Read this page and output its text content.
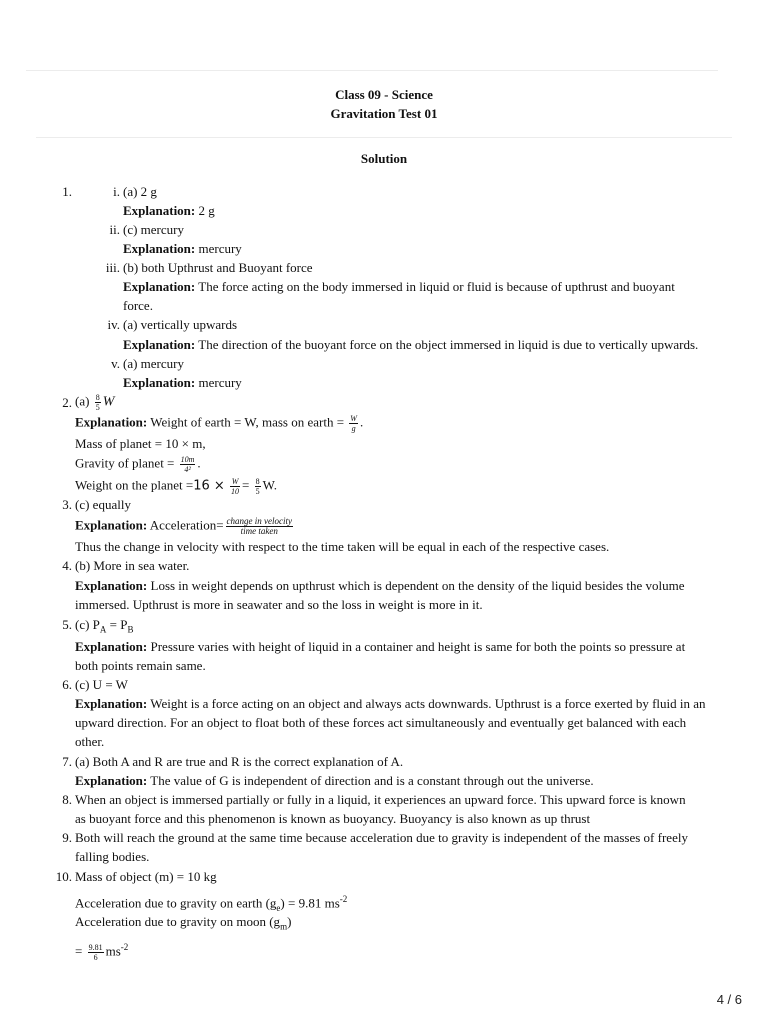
Class 09 - Science
Gravitation Test 01
Solution
1.	i. (a) 2 g
Explanation: 2 g
ii. (c) mercury
Explanation: mercury
iii. (b) both Upthrust and Buoyant force
Explanation: The force acting on the body immersed in liquid or fluid is because of upthrust and buoyant
force.
iv. (a) vertically upwards
Explanation: The direction of the buoyant force on the object immersed in liquid is due to vertically upwards.
v. (a) mercury
Explanation: mercury
2. $(a) \frac{8}{5}$ W
Explanation: Weight of earth = W, mass on earth = $\frac{W}{g}$ .
Mass of planet = 10 × m,
Gravity of planet = $\frac{10m}{\text{4²}}$ .
Weight on the planet $=16 \times \frac{W}{10} = \frac{8}{5} W$.
3. (c) equally
Explanation: Acceleration= $\frac{\text{change in velocity}}{\text{time taken}}$
Thus the change in velocity with respect to the time taken will be equal in each of the respective cases.
4. (b) More in sea water.
Explanation: Loss in weight depends on upthrust which is dependent on the density of the liquid besides the volume
immersed. Upthrust is more in seawater and so the loss in weight is more in it.
5. (c) $P_A = P_B$
Explanation: Pressure varies with height of liquid in a container and height is same for both the points so pressure at
both points remain same.
6. (c) U = W
Explanation: Weight is a force acting on an object and always acts downwards. Upthrust is a force exerted by fluid in an
upward direction. For an object to float both of these forces act simultaneously and eventually get balanced with each
other.
7. (a) Both A and R are true and R is the correct explanation of A.
Explanation: The value of G is independent of direction and is a constant through out the universe.
8. When an object is immersed partially or fully in a liquid, it experiences an upward force. This upward force is known
as buoyant force and this phenomenon is known as buoyancy. Buoyancy is also known as up thrust
9. Both will reach the ground at the same time because acceleration due to gravity is independent of the masses of freely
falling bodies.
10. Mass of object (m) = 10 kg
Acceleration due to gravity on earth $(g_e) = 9.81$ $ms^{-2}$
Acceleration due to gravity on moon $(g_m)$
= $\frac{9.81}{6} ms^{-2}$
4 / 6
